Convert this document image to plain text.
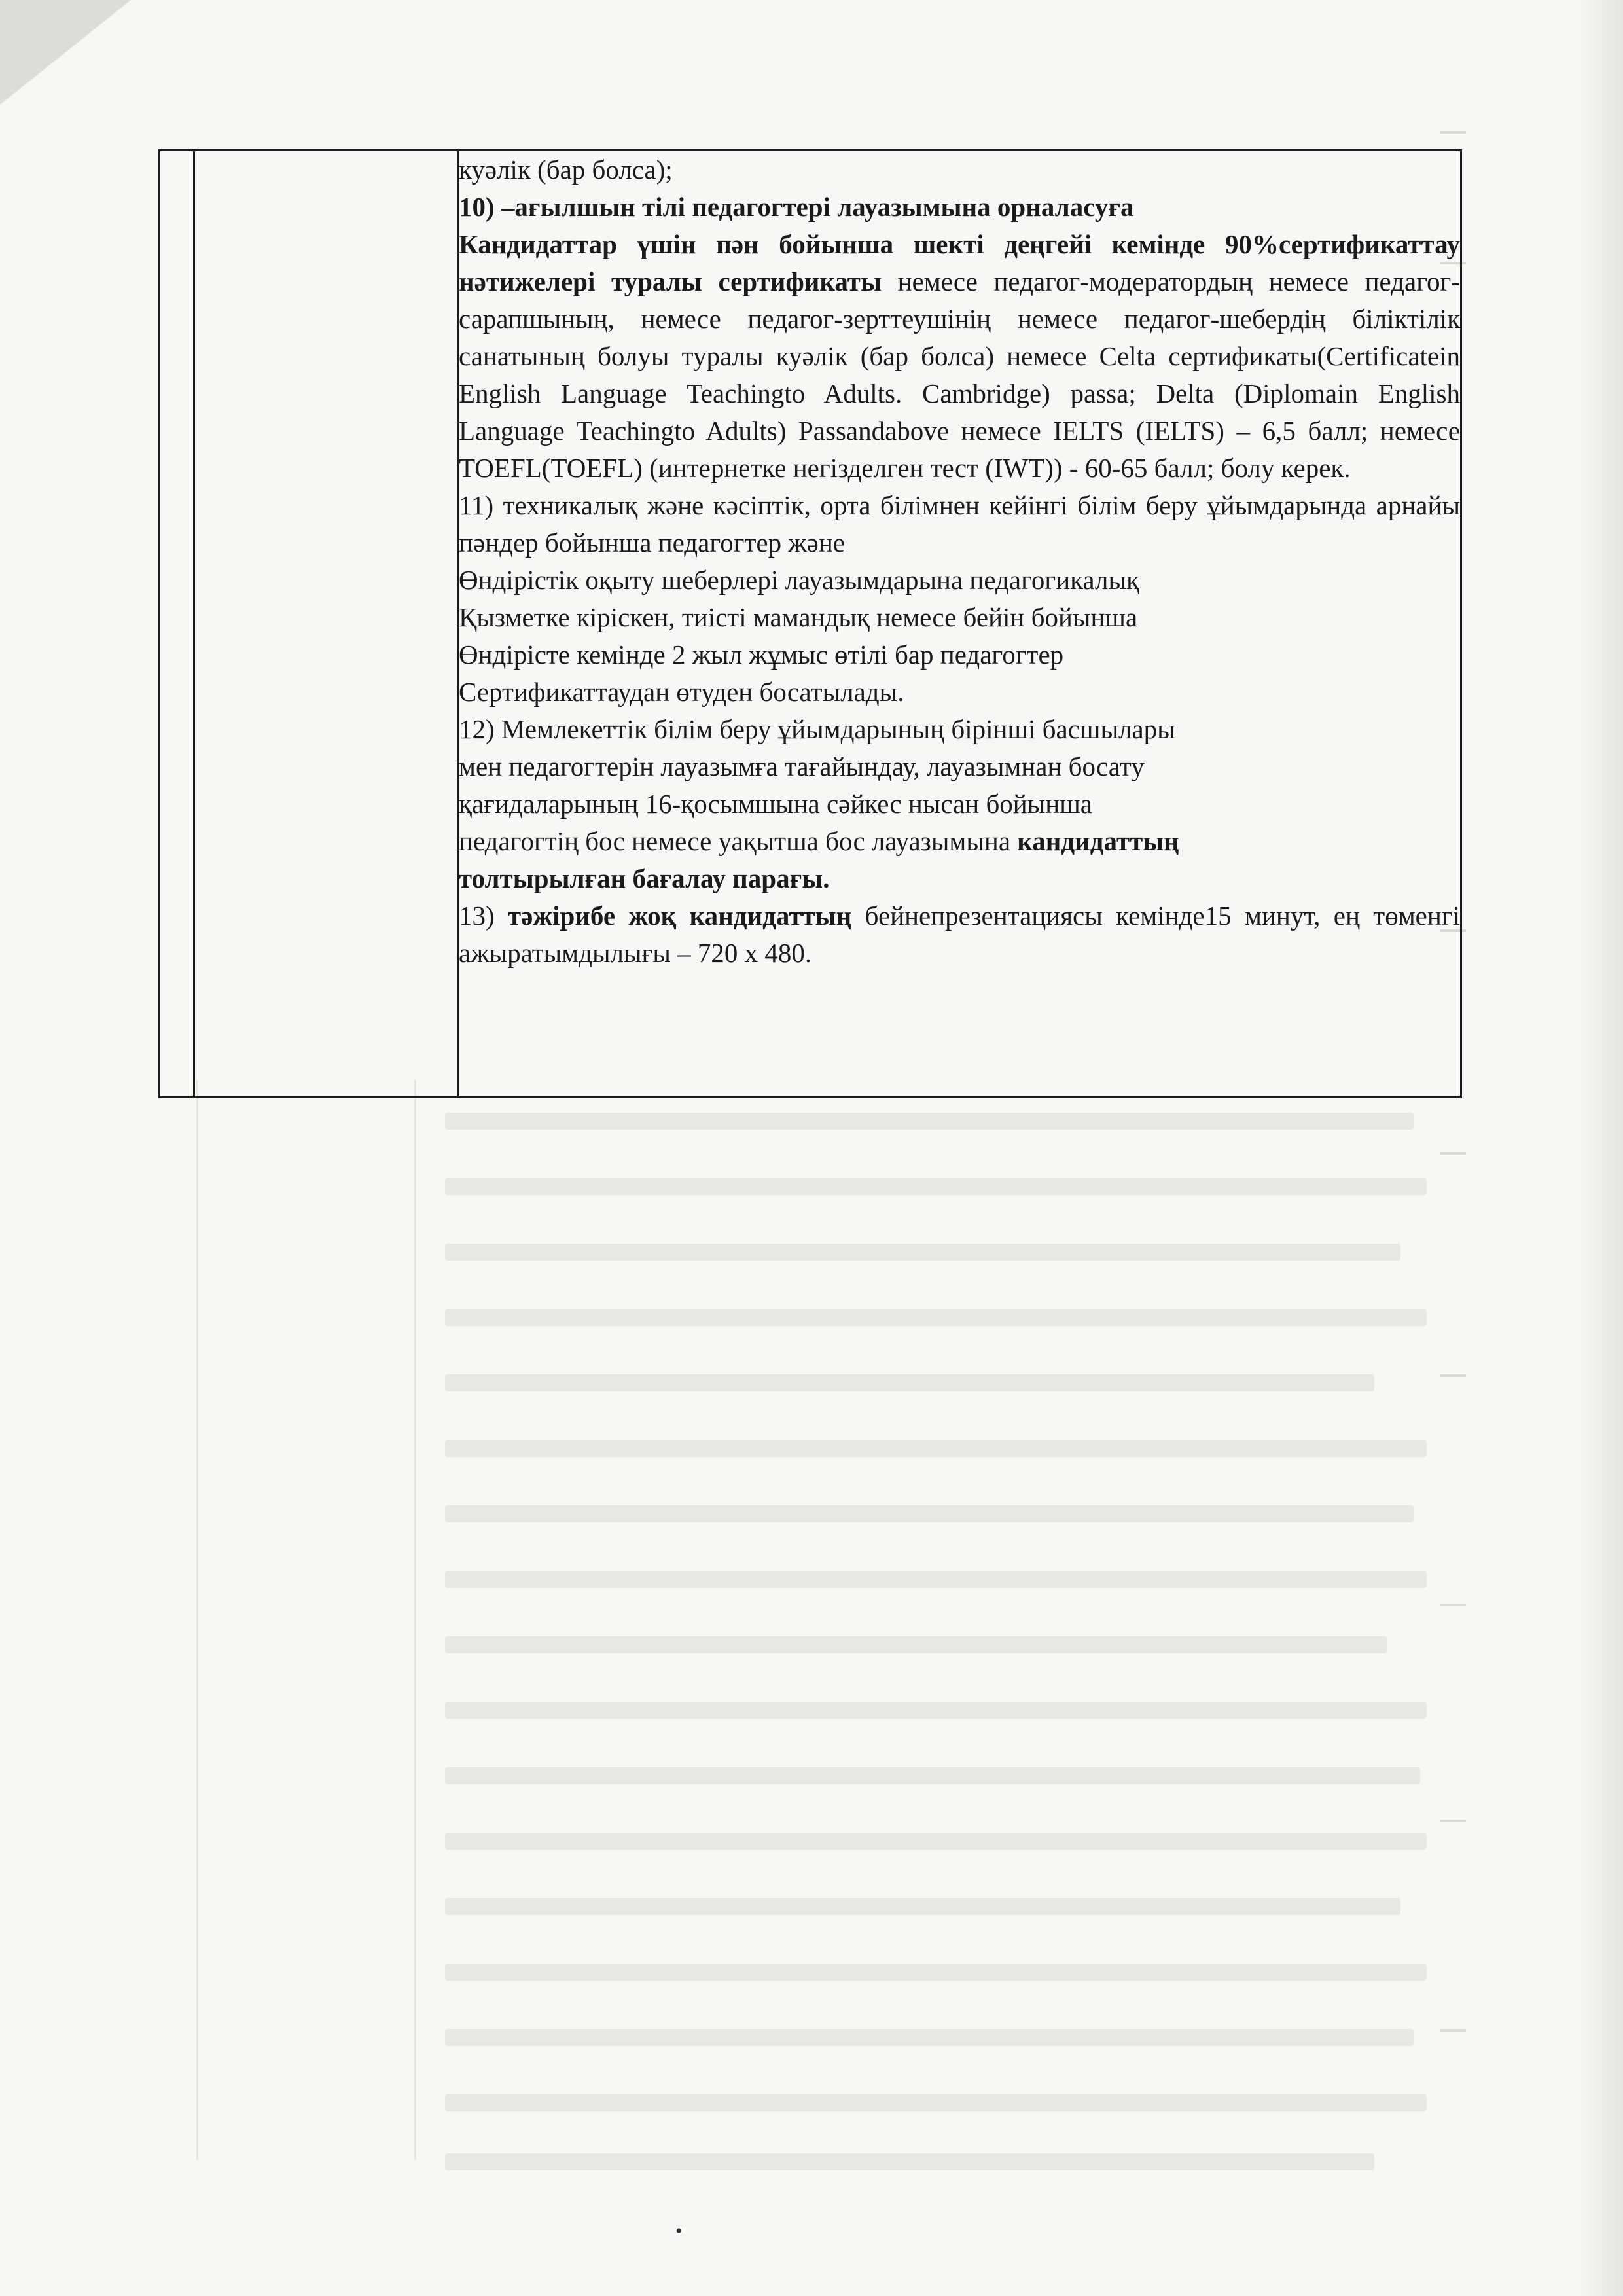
куәлік (бар болса);

10) –ағылшын тілі педагогтері лауазымына орналасуға

Кандидаттар үшін пән бойынша шекті деңгейі кемінде 90%сертификаттау нәтижелері туралы сертификаты немесе педагог-модератордың немесе педагог-сарапшының, немесе педагог-зерттеушінің немесе педагог-шебердің біліктілік санатының болуы туралы куәлік (бар болса) немесе Celta сертификаты(Certificatein English Language Teachingto Adults. Cambridge) passa; Delta (Diplomain English Language Teachingto Adults) Passandabove немесе IELTS (IELTS) – 6,5 балл; немесе TOEFL(TOEFL) (интернетке негізделген тест (IWT)) - 60-65 балл; болу керек.

11) техникалық және кәсіптік, орта білімнен кейінгі білім беру ұйымдарында арнайы пәндер бойынша педагогтер және

Өндірістік оқыту шеберлері лауазымдарына педагогикалық

Қызметке кірiскен, тиісті мамандық немесе бейін бойынша

Өндірісте кемінде 2 жыл жұмыс өтілі бар педагогтер

Сертификаттаудан өтуден босатылады.

12) Мемлекеттік білім беру ұйымдарының бірінші басшылары

мен педагогтерін лауазымға тағайындау, лауазымнан босату

қағидаларының 16-қосымшына сәйкес нысан бойынша

педагогтің бос немесе уақытша бос лауазымына кандидаттың

толтырылған бағалау парағы.

13) тәжірибе жоқ кандидаттың бейнепрезентациясы кемінде15 минут, ең төменгі ажыратымдылығы – 720 x 480.

•
